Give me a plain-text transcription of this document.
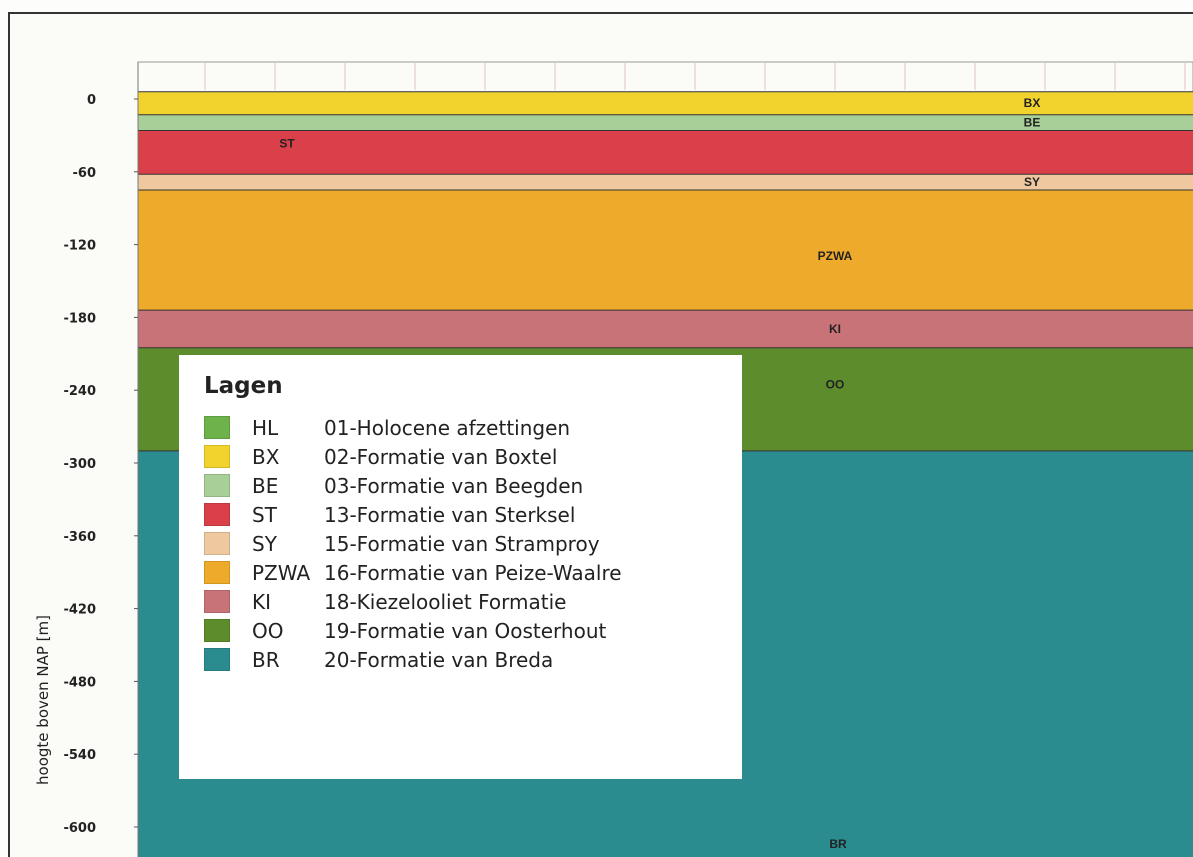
BX
BE
ST
SY
PZWA
KI
OO
BR
0
-60
-120
-180
-240
-300
-360
-420
-480
-540
-600
hoogte boven NAP [m]
Lagen
HL	01-Holocene afzettingen
BX	02-Formatie van Boxtel
BE	03-Formatie van Beegden
ST	13-Formatie van Sterksel
SY	15-Formatie van Stramproy
PZWA 16-Formatie van Peize-Waalre
KI	18-Kiezelooliet Formatie
OO	19-Formatie van Oosterhout
BR	20-Formatie van Breda
